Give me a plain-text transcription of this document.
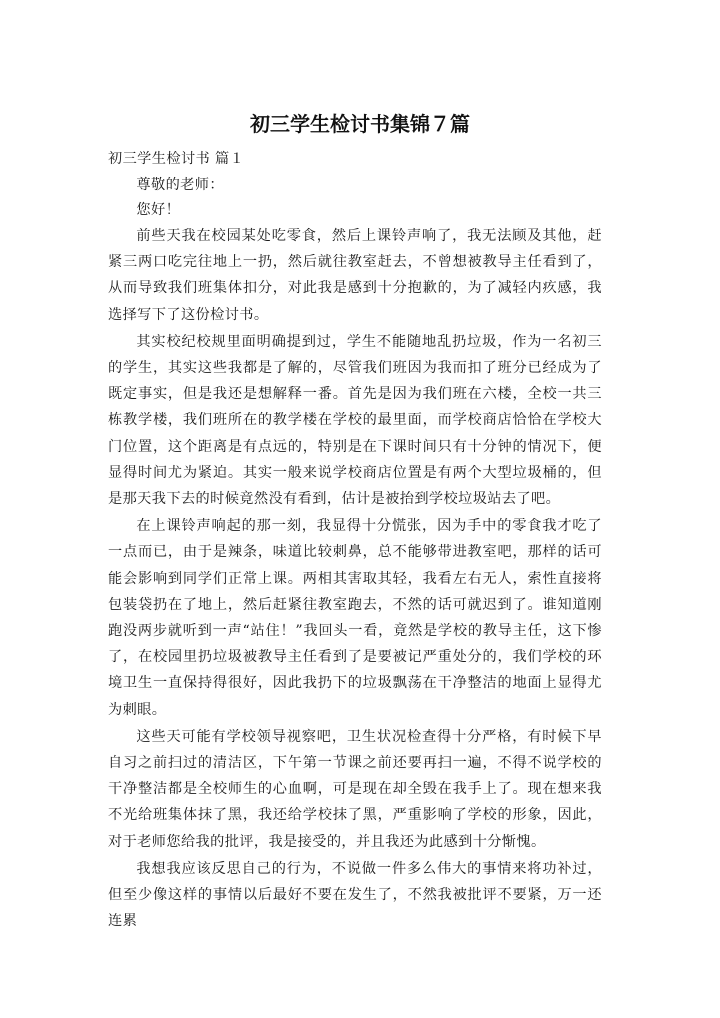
初三学生检讨书集锦７篇

初三学生检讨书 篇１

尊敬的老师：

您好！

前些天我在校园某处吃零食，然后上课铃声响了，我无法顾及其他，赶紧三两口吃完往地上一扔，然后就往教室赶去，不曾想被教导主任看到了，从而导致我们班集体扣分，对此我是感到十分抱歉的，为了减轻内疚感，我选择写下了这份检讨书。

其实校纪校规里面明确提到过，学生不能随地乱扔垃圾，作为一名初三的学生，其实这些我都是了解的，尽管我们班因为我而扣了班分已经成为了既定事实，但是我还是想解释一番。首先是因为我们班在六楼，全校一共三栋教学楼，我们班所在的教学楼在学校的最里面，而学校商店恰恰在学校大门位置，这个距离是有点远的，特别是在下课时间只有十分钟的情况下，便显得时间尤为紧迫。其实一般来说学校商店位置是有两个大型垃圾桶的，但是那天我下去的时候竟然没有看到，估计是被抬到学校垃圾站去了吧。

在上课铃声响起的那一刻，我显得十分慌张，因为手中的零食我才吃了一点而已，由于是辣条，味道比较刺鼻，总不能够带进教室吧，那样的话可能会影响到同学们正常上课。两相其害取其轻，我看左右无人，索性直接将包装袋扔在了地上，然后赶紧往教室跑去，不然的话可就迟到了。谁知道刚跑没两步就听到一声“站住！”我回头一看，竟然是学校的教导主任，这下惨了，在校园里扔垃圾被教导主任看到了是要被记严重处分的，我们学校的环境卫生一直保持得很好，因此我扔下的垃圾飘荡在干净整洁的地面上显得尤为刺眼。

这些天可能有学校领导视察吧，卫生状况检查得十分严格，有时候下早自习之前扫过的清洁区，下午第一节课之前还要再扫一遍，不得不说学校的干净整洁都是全校师生的心血啊，可是现在却全毁在我手上了。现在想来我不光给班集体抹了黑，我还给学校抹了黑，严重影响了学校的形象，因此，对于老师您给我的批评，我是接受的，并且我还为此感到十分惭愧。

我想我应该反思自己的行为，不说做一件多么伟大的事情来将功补过，但至少像这样的事情以后最好不要在发生了，不然我被批评不要紧，万一还连累
